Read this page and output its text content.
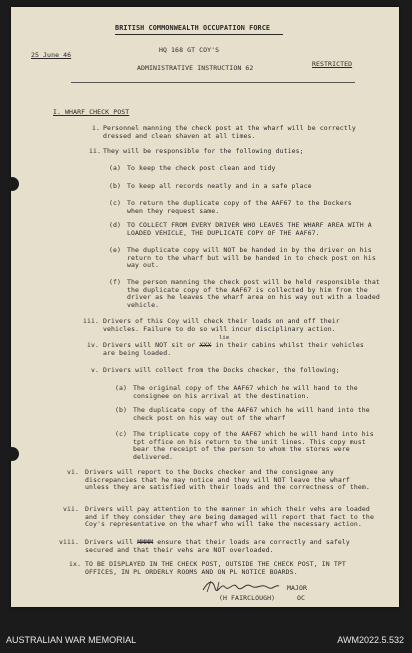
BRITISH COMMONWEALTH OCCUPATION FORCE
25 June 46
HQ 168 GT COY'S
ADMINISTRATIVE INSTRUCTION 62	RESTRICTED
I. WHARF CHECK POST
i. Personnel manning the check post at the wharf will be correctly dressed and clean shaven at all times.
ii. They will be responsible for the following duties;
(a) To keep the check post clean and tidy
(b) To keep all records neatly and in a safe place
(c) To return the duplicate copy of the AAF67 to the Dockers when they request same.
(d) TO COLLECT FROM EVERY DRIVER WHO LEAVES THE WHARF AREA WITH A LOADED VEHICLE, THE DUPLICATE COPY OF THE AAF67.
(e) The duplicate copy will NOT be handed in by the driver on his return to the wharf but will be handed in to check post on his way out.
(f) The person manning the check post will be held responsible that the duplicate copy of the AAF67 is collected by him from the driver as he leaves the wharf area on his way out with a loaded vehicle.
iii. Drivers of this Coy will check their loads on and off their vehicles. Failure to do so will incur disciplinary action.
iv. Drivers will NOT sit or XXX in their cabins whilst their vehicles are being loaded.
lie
v. Drivers will collect from the Docks checker, the following;
(a) The original copy of the AAF67 which he will hand to the consignee on his arrival at the destination.
(b) The duplicate copy of the AAF67 which he will hand into the check post on his way out of the wharf
(c) The triplicate copy of the AAF67 which he will hand into his tpt office on his return to the unit lines. This copy must bear the receipt of the person to whom the stores were delivered.
vi. Drivers will report to the Docks checker and the consignee any discrepancies that he may notice and they will NOT leave the wharf unless they are satisfied with their loads and the correctness of them.
vii. Drivers will pay attention to the manner in which their vehs are loaded and if they consider they are being damaged will report that fact to the Coy's representative on the wharf who will take the necessary action.
viii. Drivers will MMMM ensure that their loads are correctly and safely secured and that their vehs are NOT overloaded.
ix. TO BE DISPLAYED IN THE CHECK POST, OUTSIDE THE CHECK POST, IN TPT OFFICES, IN PL ORDERLY ROOMS AND ON PL NOTICE BOARDS.
MAJOR
(H FAIRCLOUGH)	OC
AUSTRALIAN WAR MEMORIAL	AWM2022.5.532
